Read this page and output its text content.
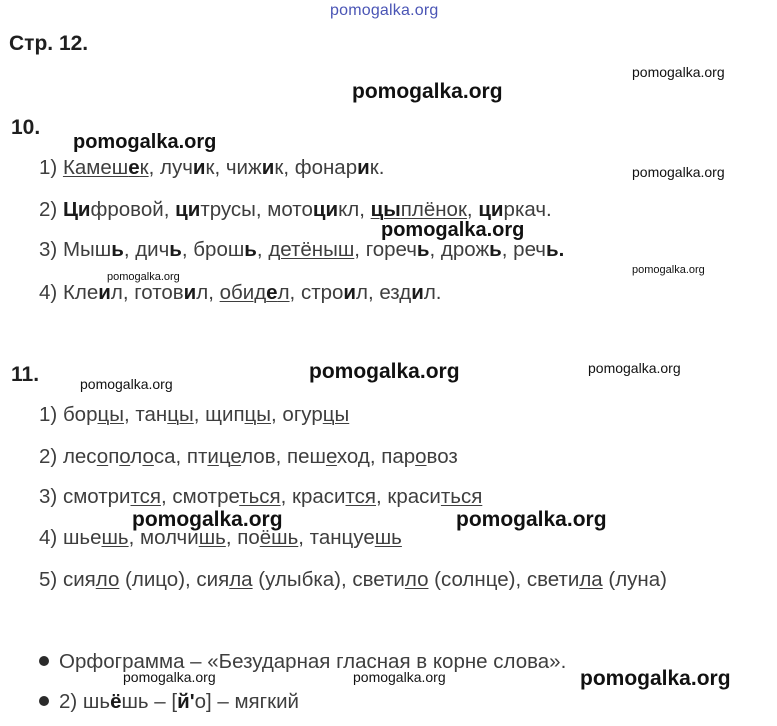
pomogalka.org
Стр. 12.
pomogalka.org
pomogalka.org
pomogalka.org
pomogalka.org
pomogalka.org
pomogalka.org
pomogalka.org
pomogalka.org	pomogalka.org
pomogalka.org
pomogalka.org	pomogalka.org
pomogalka.org	pomogalka.org	pomogalka.org
10.
1) Камешек, лучик, чижик, фонарик.
2) Цифровой, цитрусы, мотоцикл, цыплёнок, циркач.
3) Мышь, дичь, брошь, детёныш, горечь, дрожь, речь.
4) Клеил, готовил, обидел, строил, ездил.
11.
1) борцы, танцы, щипцы, огурцы
2) лесополоса, птицелов, пешеход, паровоз
3) смотрится, смотреться, красится, краситься
4) шьешь, молчишь, поёшь, танцуешь
5) сияло (лицо), сияла (улыбка), светило (солнце), светила (луна)
Орфограмма – «Безударная гласная в корне слова».
2) шьёшь – [й'о] – мягкий
